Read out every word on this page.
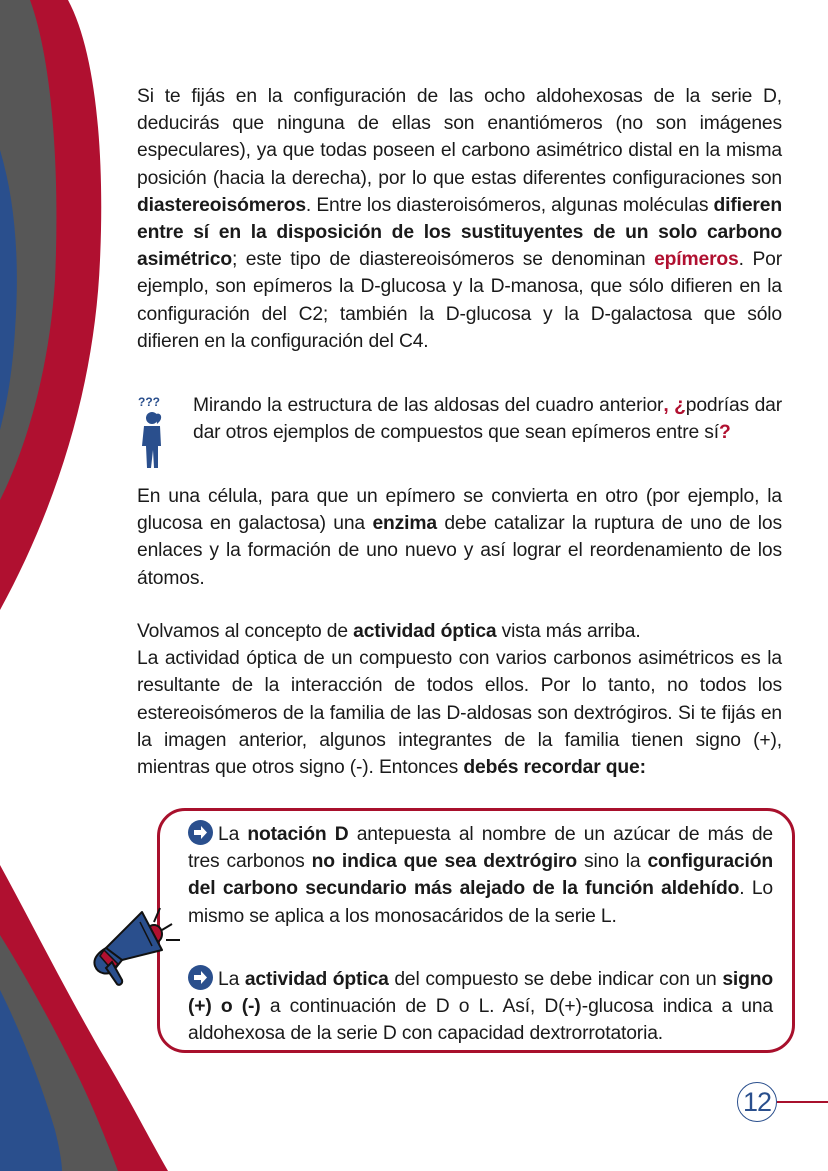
Si te fijás en la configuración de las ocho aldohexosas de la serie D, deducirás que ninguna de ellas son enantiómeros (no son imágenes especulares), ya que todas poseen el carbono asimétrico distal en la misma posición (hacia la derecha), por lo que estas diferentes configuraciones son diastereoisómeros. Entre los diasteroisómeros, algunas moléculas difieren entre sí en la disposición de los sustituyentes de un solo carbono asimétrico; este tipo de diastereoisómeros se denominan epímeros. Por ejemplo, son epímeros la D-glucosa y la D-manosa, que sólo difieren en la configuración del C2; también la D-glucosa y la D-galactosa que sólo difieren en la configuración del C4.

??? Mirando la estructura de las aldosas del cuadro anterior, ¿podrías dar dar otros ejemplos de compuestos que sean epímeros entre sí?

En una célula, para que un epímero se convierta en otro (por ejemplo, la glucosa en galactosa) una enzima debe catalizar la ruptura de uno de los enlaces y la formación de uno nuevo y así lograr el reordenamiento de los átomos.

Volvamos al concepto de actividad óptica vista más arriba.

La actividad óptica de un compuesto con varios carbonos asimétricos es la resultante de la interacción de todos ellos. Por lo tanto, no todos los estereoisómeros de la familia de las D-aldosas son dextrógiros. Si te fijás en la imagen anterior, algunos integrantes de la familia tienen signo (+), mientras que otros signo (-). Entonces debés recordar que:

La notación D antepuesta al nombre de un azúcar de más de tres carbonos no indica que sea dextrógiro sino la configuración del carbono secundario más alejado de la función aldehído. Lo mismo se aplica a los monosacáridos de la serie L.
La actividad óptica del compuesto se debe indicar con un signo (+) o (-) a continuación de D o L. Así, D(+)-glucosa indica a una aldohexosa de la serie D con capacidad dextrorrotatoria.
12
